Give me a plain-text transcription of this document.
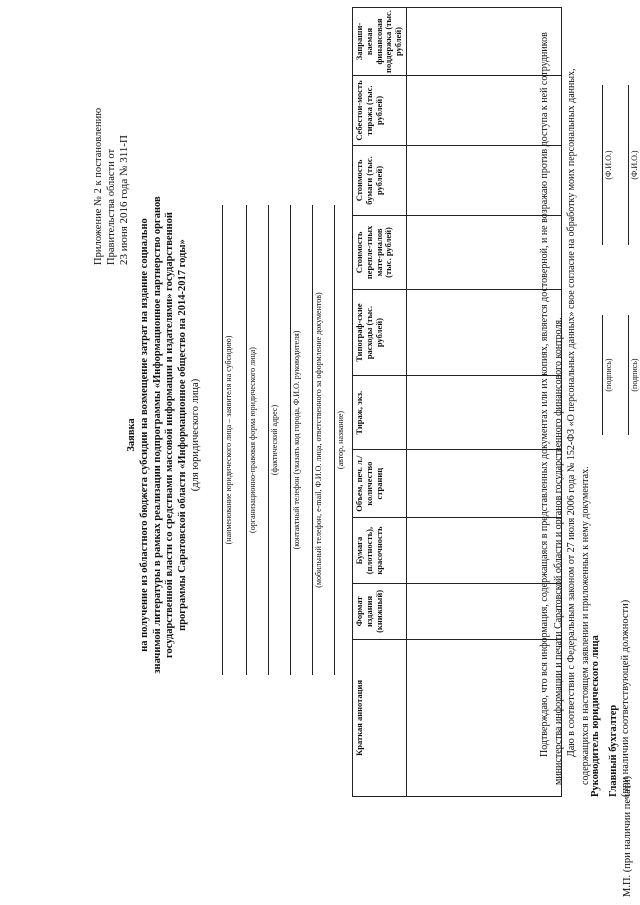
Приложение № 2 к постановлению Правительства области от 23 июня 2016 года № 311-П
Заявка на получение из областного бюджета субсидии на возмещение затрат на издание социально значимой литературы в рамках реализации подпрограммы «Информационное партнерство органов государственной власти со средствами массовой информации и издателями» государственной программы Саратовской области «Информационное общество на 2014-2017 годы» (для юридического лица)	(наименование юридического лица – заявителя на субсидию) (организационно-правовая форма юридического лица) (фактический адрес) (контактный телефон (указать код города, Ф.И.О. руководителя) (мобильный телефон, e-mail, Ф.И.О. лица, ответственного за оформление документов) (автор, название)
Краткая аннотация	Формат издания (книжный)	Бумага (плотность), красочность	Объем, печ. л./ количество страниц	Тираж, экз.	Типограф-ские расходы (тыс. рублей)	Стоимость перепле-тных мате-риалов (тыс. рублей)	Стоимость бумаги (тыс. рублей)	Себестои-мость тиража (тыс. рублей)	Запраши-ваемая финансовая поддержка (тыс. рублей)
										Подтверждаю, что вся информация, содержащаяся в представленных документах или их копиях, является достоверной, и не возражаю против доступа к ней сотрудников министерства информации и печати Саратовской области и органов государственного финансового контроля. Даю в соответствии с Федеральным законом от 27 июля 2006 года № 152-ФЗ «О персональных данных» свое согласие на обработку моих персональных данных, содержащихся в настоящем заявлении и приложенных к нему документах. Руководитель юридического лица
(подпись)
(Ф.И.О.)
Главный бухгалтер (при наличии соответствующей должности)
(подпись)
(Ф.И.О.)
М.П. (при наличии печати)
